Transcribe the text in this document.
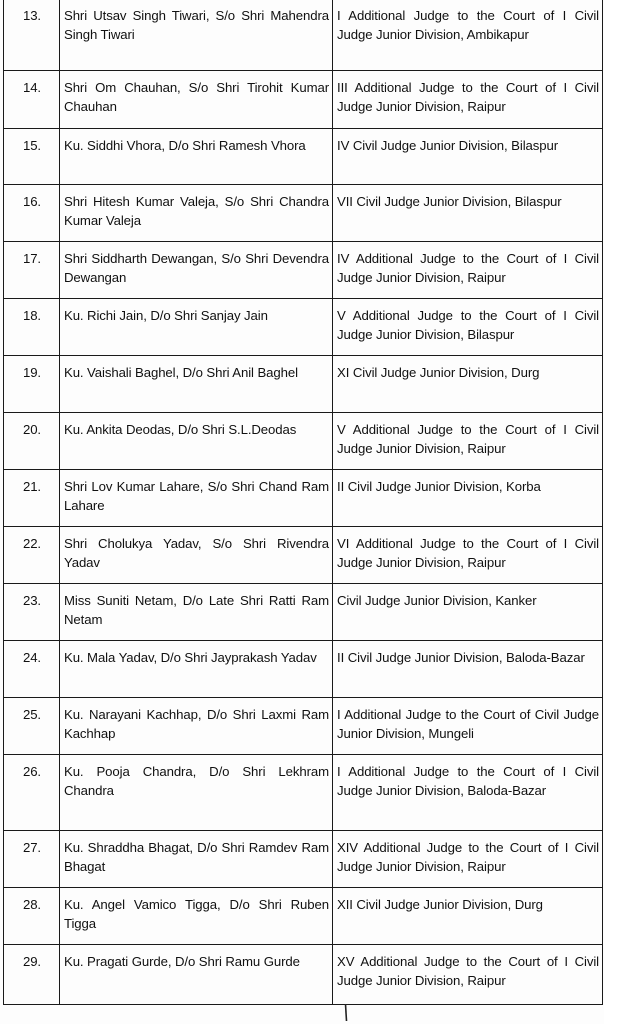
13.	Shri Utsav Singh Tiwari, S/o Shri Mahendra Singh Tiwari	I Additional Judge to the Court of I Civil Judge Junior Division, Ambikapur

14.	Shri Om Chauhan, S/o Shri Tirohit Kumar Chauhan	III Additional Judge to the Court of I Civil Judge Junior Division, Raipur

15.	Ku. Siddhi Vhora, D/o Shri Ramesh Vhora	IV Civil Judge Junior Division, Bilaspur

16.	Shri Hitesh Kumar Valeja, S/o Shri Chandra Kumar Valeja	VII Civil Judge Junior Division, Bilaspur

17.	Shri Siddharth Dewangan, S/o Shri Devendra Dewangan	IV Additional Judge to the Court of I Civil Judge Junior Division, Raipur

18.	Ku. Richi Jain, D/o Shri Sanjay Jain	V Additional Judge to the Court of I Civil Judge Junior Division, Bilaspur

19.	Ku. Vaishali Baghel, D/o Shri Anil Baghel	XI Civil Judge Junior Division, Durg

20.	Ku. Ankita Deodas, D/o Shri S.L.Deodas	V Additional Judge to the Court of I Civil Judge Junior Division, Raipur

21.	Shri Lov Kumar Lahare, S/o Shri Chand Ram Lahare	II Civil Judge Junior Division, Korba

22.	Shri Cholukya Yadav, S/o Shri Rivendra Yadav	VI Additional Judge to the Court of I Civil Judge Junior Division, Raipur

23.	Miss Suniti Netam, D/o Late Shri Ratti Ram Netam	Civil Judge Junior Division, Kanker

24.	Ku. Mala Yadav, D/o Shri Jayprakash Yadav	II Civil Judge Junior Division, Baloda-Bazar

25.	Ku. Narayani Kachhap, D/o Shri Laxmi Ram Kachhap	I Additional Judge to the Court of Civil Judge Junior Division, Mungeli

26.	Ku. Pooja Chandra, D/o Shri Lekhram Chandra	I Additional Judge to the Court of I Civil Judge Junior Division, Baloda-Bazar

27.	Ku. Shraddha Bhagat, D/o Shri Ramdev Ram Bhagat	XIV Additional Judge to the Court of I Civil Judge Junior Division, Raipur

28.	Ku. Angel Vamico Tigga, D/o Shri Ruben Tigga	XII Civil Judge Junior Division, Durg

29.	Ku. Pragati Gurde, D/o Shri Ramu Gurde	XV Additional Judge to the Court of I Civil Judge Junior Division, Raipur
